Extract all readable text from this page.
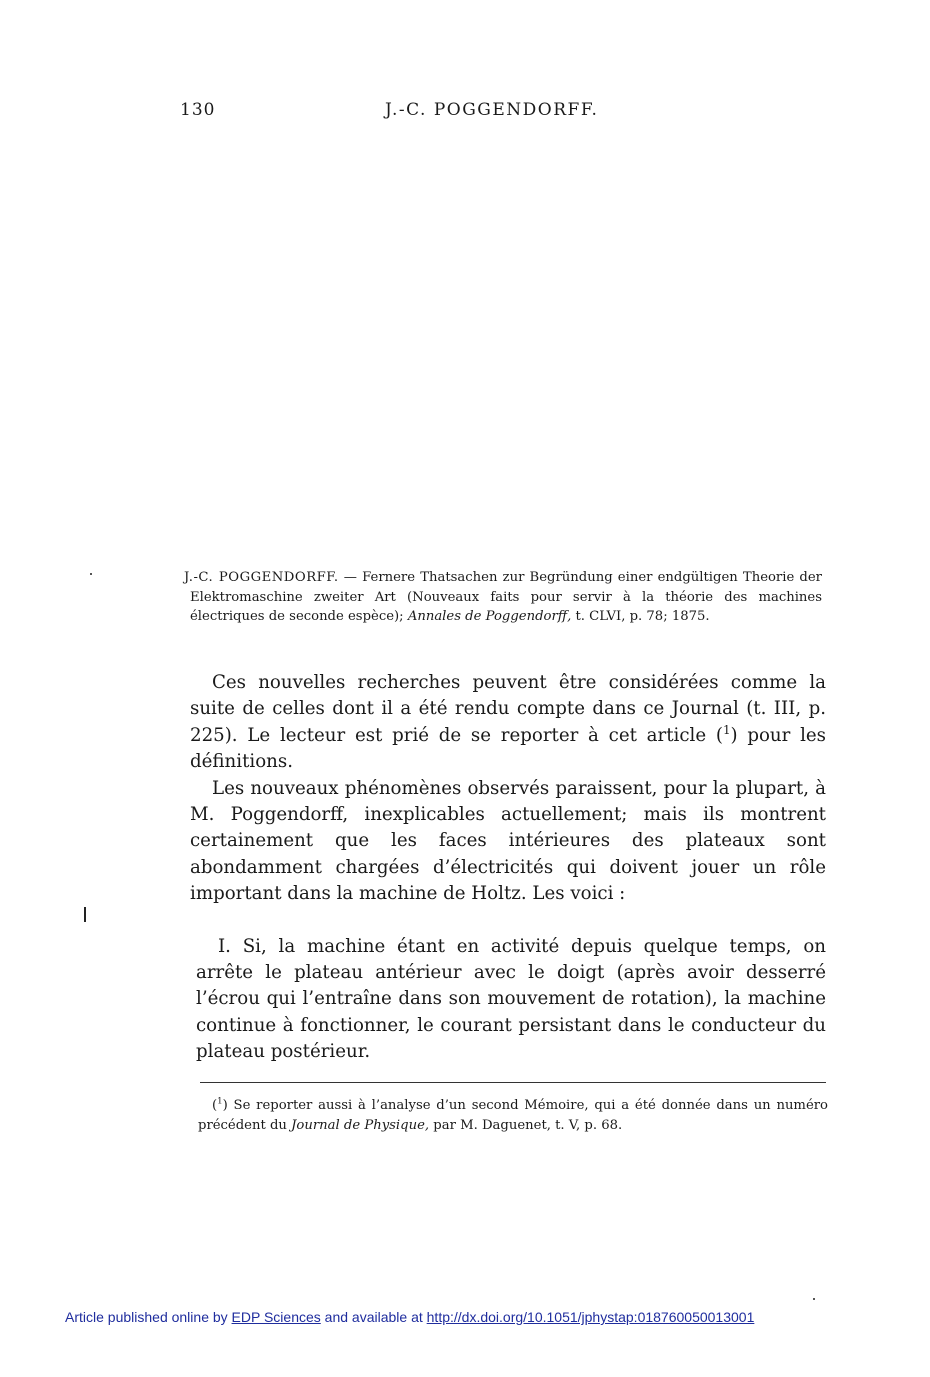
130	J.-C. POGGENDORFF.
J.-C. POGGENDORFF. — Fernere Thatsachen zur Begründung einer endgültigen Theorie der Elektromaschine zweiter Art (Nouveaux faits pour servir à la théorie des machines électriques de seconde espèce); Annales de Poggendorff, t. CLVI, p. 78; 1875.

Ces nouvelles recherches peuvent être considérées comme la suite de celles dont il a été rendu compte dans ce Journal (t. III, p. 225). Le lecteur est prié de se reporter à cet article ($^1$) pour les définitions.

Les nouveaux phénomènes observés paraissent, pour la plupart, à M. Poggendorff, inexplicables actuellement; mais ils montrent certainement que les faces intérieures des plateaux sont abondamment chargées d’électricités qui doivent jouer un rôle important dans la machine de Holtz. Les voici :

I. Si, la machine étant en activité depuis quelque temps, on arrête le plateau antérieur avec le doigt (après avoir desserré l’écrou qui l’entraîne dans son mouvement de rotation), la machine continue à fonctionner, le courant persistant dans le conducteur du plateau postérieur.

($^1$) Se reporter aussi à l’analyse d’un second Mémoire, qui a été donnée dans un numéro précédent du Journal de Physique, par M. Daguenet, t. V, p. 68.
Article published online by EDP Sciences and available at http://dx.doi.org/10.1051/jphystap:018760050013001
